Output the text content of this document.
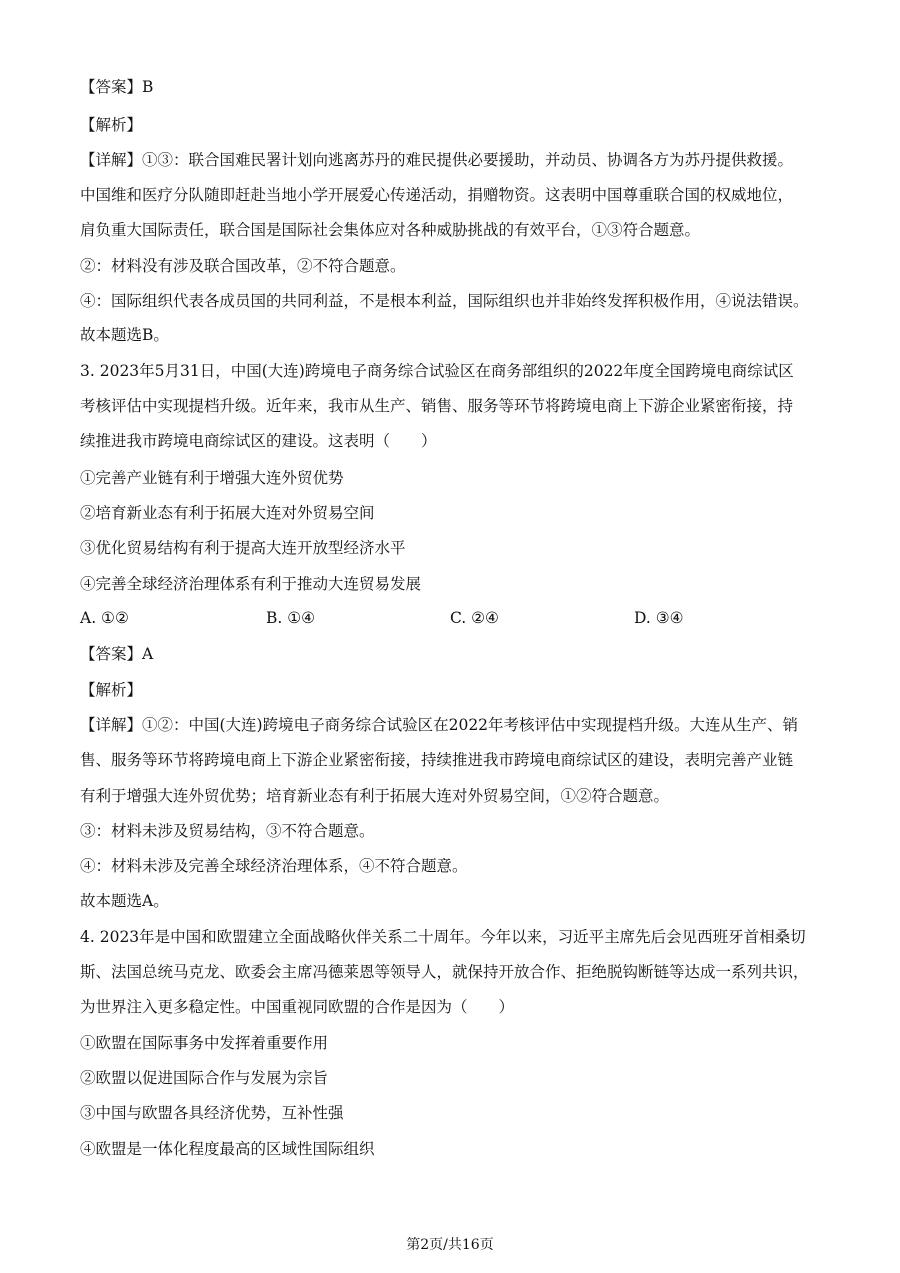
【答案】B
【解析】
【详解】①③：联合国难民署计划向逃离苏丹的难民提供必要援助，并动员、协调各方为苏丹提供救援。
中国维和医疗分队随即赶赴当地小学开展爱心传递活动，捐赠物资。这表明中国尊重联合国的权威地位，
肩负重大国际责任，联合国是国际社会集体应对各种威胁挑战的有效平台，①③符合题意。
②：材料没有涉及联合国改革，②不符合题意。
④：国际组织代表各成员国的共同利益，不是根本利益，国际组织也并非始终发挥积极作用，④说法错误。
故本题选B。
3. 2023年5月31日，中国(大连)跨境电子商务综合试验区在商务部组织的2022年度全国跨境电商综试区
考核评估中实现提档升级。近年来，我市从生产、销售、服务等环节将跨境电商上下游企业紧密衔接，持
续推进我市跨境电商综试区的建设。这表明（　　）
①完善产业链有利于增强大连外贸优势
②培育新业态有利于拓展大连对外贸易空间
③优化贸易结构有利于提高大连开放型经济水平
④完善全球经济治理体系有利于推动大连贸易发展
A. ①②	B. ①④	C. ②④	D. ③④
【答案】A
【解析】
【详解】①②：中国(大连)跨境电子商务综合试验区在2022年考核评估中实现提档升级。大连从生产、销
售、服务等环节将跨境电商上下游企业紧密衔接，持续推进我市跨境电商综试区的建设，表明完善产业链
有利于增强大连外贸优势；培育新业态有利于拓展大连对外贸易空间，①②符合题意。
③：材料未涉及贸易结构，③不符合题意。
④：材料未涉及完善全球经济治理体系，④不符合题意。
故本题选A。
4. 2023年是中国和欧盟建立全面战略伙伴关系二十周年。今年以来，习近平主席先后会见西班牙首相桑切
斯、法国总统马克龙、欧委会主席冯德莱恩等领导人，就保持开放合作、拒绝脱钩断链等达成一系列共识，
为世界注入更多稳定性。中国重视同欧盟的合作是因为（　　）
①欧盟在国际事务中发挥着重要作用
②欧盟以促进国际合作与发展为宗旨
③中国与欧盟各具经济优势，互补性强
④欧盟是一体化程度最高的区域性国际组织
第2页/共16页
